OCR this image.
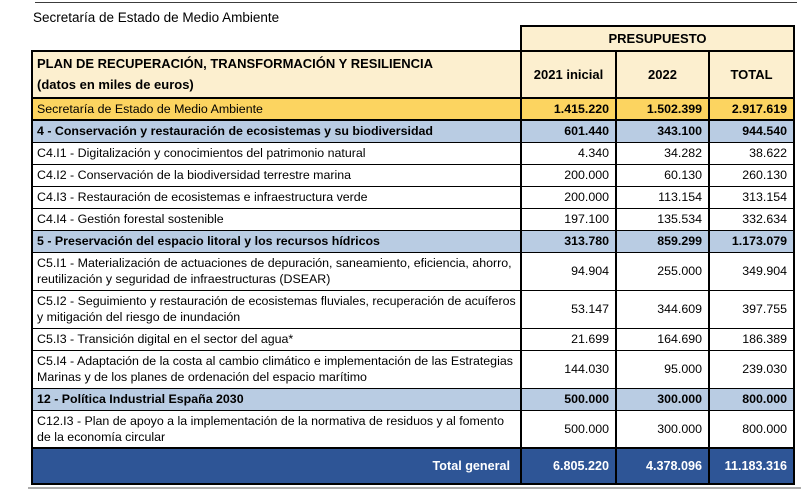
Secretaría de Estado de Medio Ambiente
	PRESUPUESTO		

PLAN DE RECUPERACIÓN, TRANSFORMACIÓN Y RESILIENCIA
(datos en miles de euros)	2021 inicial	2022	TOTAL
Secretaría de Estado de Medio Ambiente	1.415.220	1.502.399	2.917.619
4 - Conservación y restauración de ecosistemas y su biodiversidad	601.440	343.100	944.540
C4.I1 - Digitalización y conocimientos del patrimonio natural	4.340	34.282	38.622
C4.I2 - Conservación de la biodiversidad terrestre marina	200.000	60.130	260.130
C4.I3 - Restauración de ecosistemas e infraestructura verde	200.000	113.154	313.154
C4.I4 - Gestión forestal sostenible	197.100	135.534	332.634
5 - Preservación del espacio litoral y los recursos hídricos	313.780	859.299	1.173.079
C5.I1 - Materialización de actuaciones de depuración, saneamiento, eficiencia, ahorro, reutilización y seguridad de infraestructuras (DSEAR)	94.904	255.000	349.904
C5.I2 - Seguimiento y restauración de ecosistemas fluviales, recuperación de acuíferos y mitigación del riesgo de inundación	53.147	344.609	397.755
C5.I3 - Transición digital en el sector del agua*	21.699	164.690	186.389
C5.I4 - Adaptación de la costa al cambio climático e implementación de las Estrategias Marinas y de los planes de ordenación del espacio marítimo	144.030	95.000	239.030
12 - Política Industrial España 2030	500.000	300.000	800.000
C12.I3 - Plan de apoyo a la implementación de la normativa de residuos y al fomento de la economía circular	500.000	300.000	800.000
Total general	6.805.220	4.378.096	11.183.316
